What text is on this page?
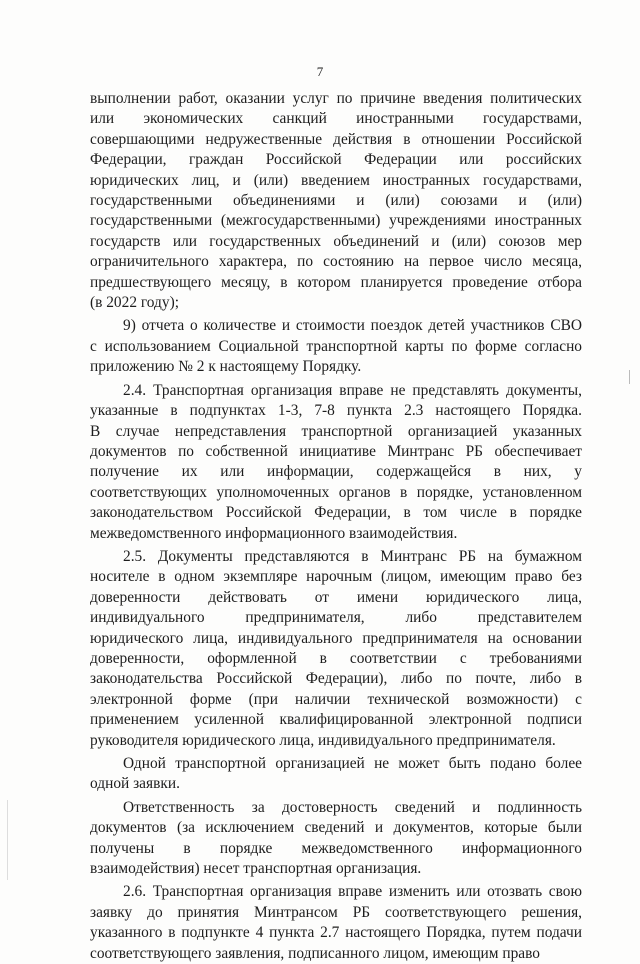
7
выполнении работ, оказании услуг по причине введения политических
или экономических санкций иностранными государствами,
совершающими недружественные действия в отношении Российской
Федерации, граждан Российской Федерации или российских
юридических лиц, и (или) введением иностранных государствами,
государственными объединениями и (или) союзами и (или)
государственными (межгосударственными) учреждениями иностранных
государств или государственных объединений и (или) союзов мер
ограничительного характера, по состоянию на первое число месяца,
предшествующего месяцу, в котором планируется проведение отбора
(в 2022 году);
9) отчета о количестве и стоимости поездок детей участников СВО
с использованием Социальной транспортной карты по форме согласно
приложению № 2 к настоящему Порядку.
2.4. Транспортная организация вправе не представлять документы,
указанные в подпунктах 1-3, 7-8 пункта 2.3 настоящего Порядка.
В случае непредставления транспортной организацией указанных
документов по собственной инициативе Минтранс РБ обеспечивает
получение их или информации, содержащейся в них, у
соответствующих уполномоченных органов в порядке, установленном
законодательством Российской Федерации, в том числе в порядке
межведомственного информационного взаимодействия.
2.5. Документы представляются в Минтранс РБ на бумажном
носителе в одном экземпляре нарочным (лицом, имеющим право без
доверенности действовать от имени юридического лица,
индивидуального предпринимателя, либо представителем
юридического лица, индивидуального предпринимателя на основании
доверенности, оформленной в соответствии с требованиями
законодательства Российской Федерации), либо по почте, либо в
электронной форме (при наличии технической возможности) с
применением усиленной квалифицированной электронной подписи
руководителя юридического лица, индивидуального предпринимателя.
Одной транспортной организацией не может быть подано более
одной заявки.
Ответственность за достоверность сведений и подлинность
документов (за исключением сведений и документов, которые были
получены в порядке межведомственного информационного
взаимодействия) несет транспортная организация.
2.6. Транспортная организация вправе изменить или отозвать свою
заявку до принятия Минтрансом РБ соответствующего решения,
указанного в подпункте 4 пункта 2.7 настоящего Порядка, путем подачи
соответствующего заявления, подписанного лицом, имеющим право
